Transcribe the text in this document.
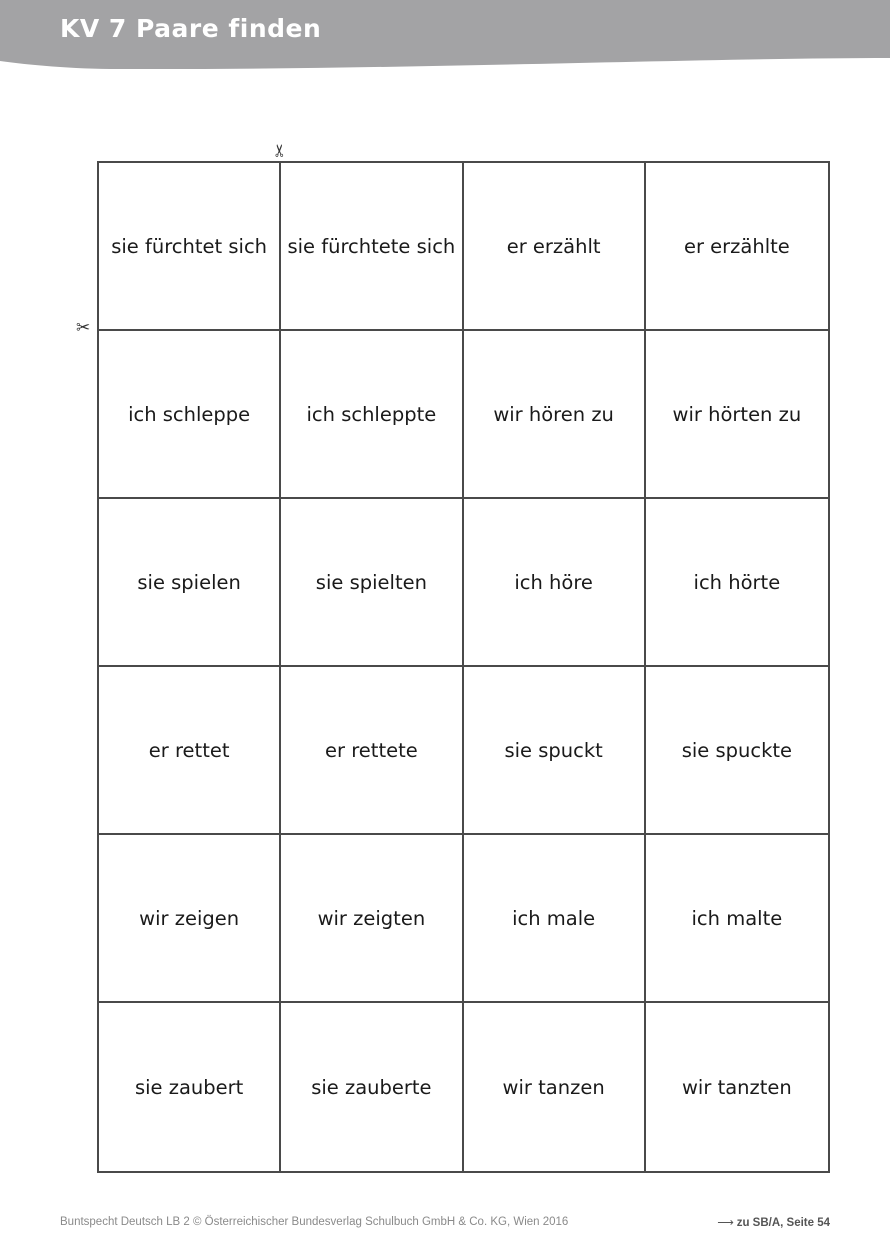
KV 7 Paare finden
✂
✂
sie fürchtet sich	sie fürchtete sich	er erzählt	er erzählte
ich schleppe	ich schleppte	wir hören zu	wir hörten zu
sie spielen	sie spielten	ich höre	ich hörte
er rettet	er rettete	sie spuckt	sie spuckte
wir zeigen	wir zeigten	ich male	ich malte
sie zaubert	sie zauberte	wir tanzen	wir tanzten
Buntspecht Deutsch LB 2 © Österreichischer Bundesverlag Schulbuch GmbH & Co. KG, Wien 2016	⟶ zu SB/A, Seite 54
